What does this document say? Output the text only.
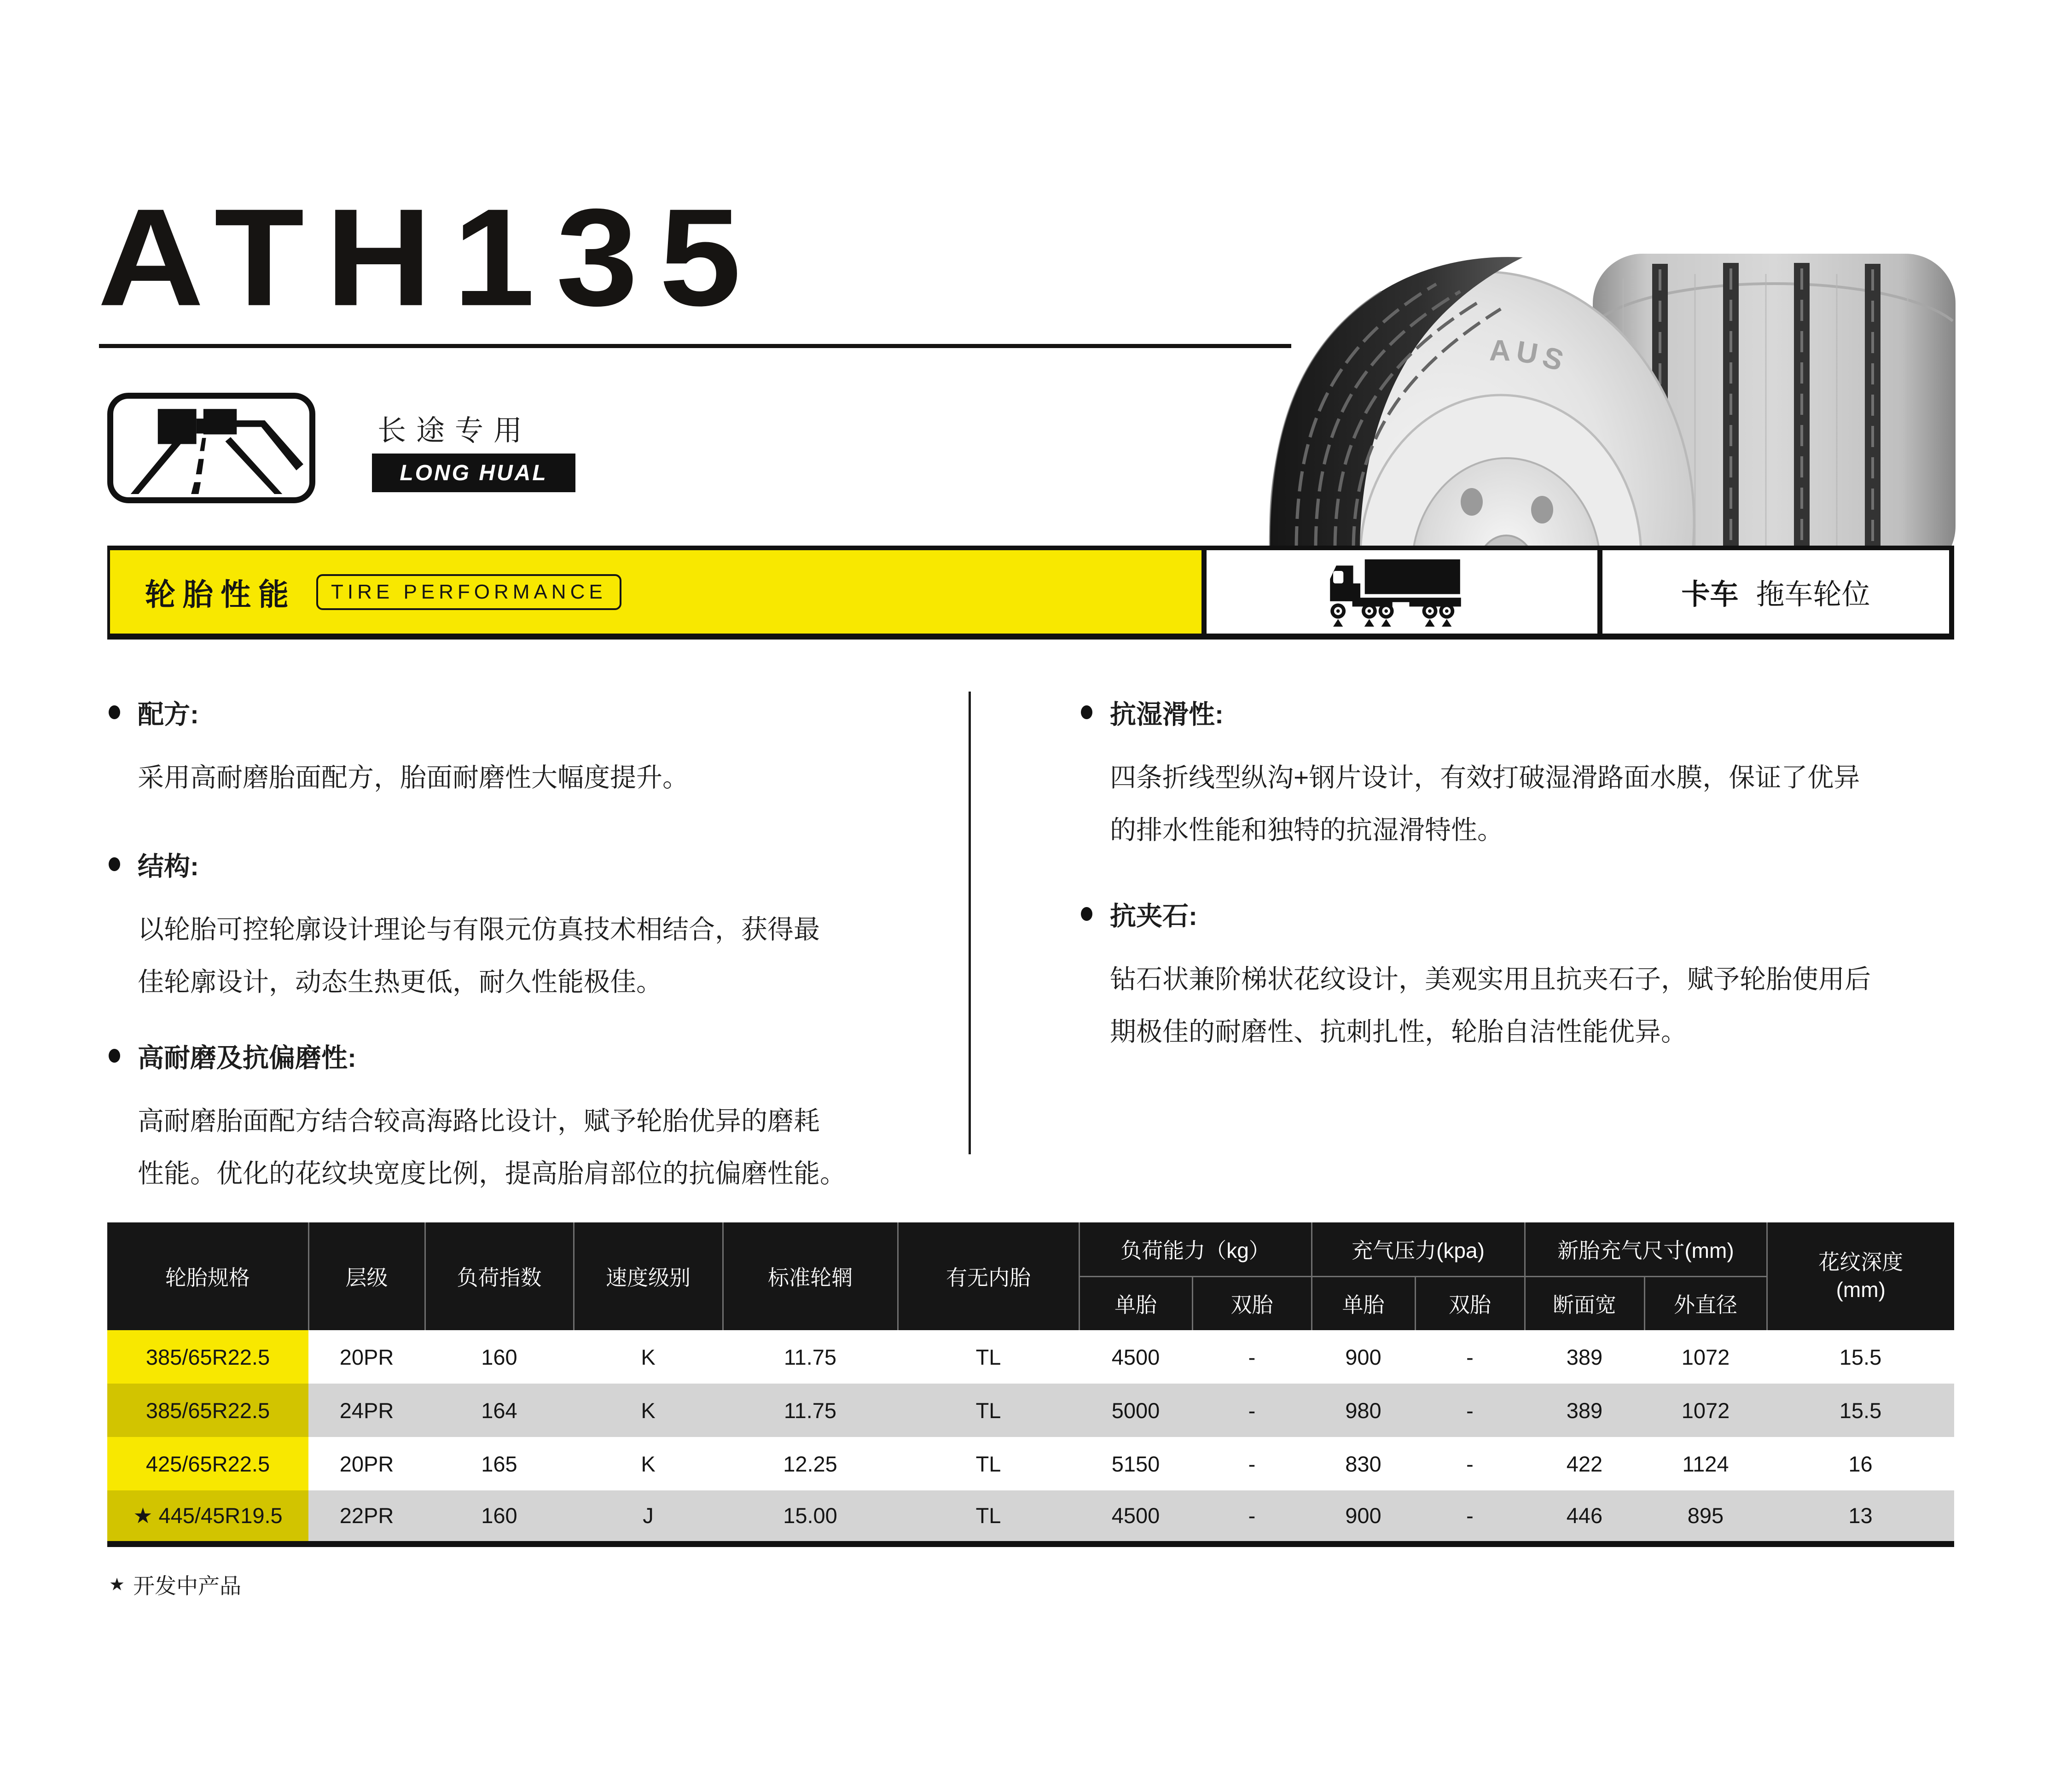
ATH135
长途专用
LONG HUAL
AUS
轮胎性能	TIRE PERFORMANCE	卡车 拖车轮位
配方:
采用高耐磨胎面配方，胎面耐磨性大幅度提升。
结构:
以轮胎可控轮廓设计理论与有限元仿真技术相结合，获得最
佳轮廓设计，动态生热更低，耐久性能极佳。
高耐磨及抗偏磨性:
高耐磨胎面配方结合较高海路比设计，赋予轮胎优异的磨耗
性能。优化的花纹块宽度比例，提高胎肩部位的抗偏磨性能。
抗湿滑性:
四条折线型纵沟+钢片设计，有效打破湿滑路面水膜，保证了优异
的排水性能和独特的抗湿滑特性。
抗夹石:
钻石状兼阶梯状花纹设计，美观实用且抗夹石子，赋予轮胎使用后
期极佳的耐磨性、抗刺扎性，轮胎自洁性能优异。
轮胎规格	层级	负荷指数	速度级别	标准轮辋	有无内胎	负荷能力（kg）		充气压力(kpa)		新胎充气尺寸(mm)		花纹深度
(mm)

						单胎	双胎	单胎	双胎	断面宽	外直径	
385/65R22.5	20PR	160	K	11.75	TL	4500	-	900	-	389	1072	15.5
385/65R22.5	24PR	164	K	11.75	TL	5000	-	980	-	389	1072	15.5
425/65R22.5	20PR	165	K	12.25	TL	5150	-	830	-	422	1124	16
★ 445/45R19.5	22PR	160	J	15.00	TL	4500	-	900	-	446	895	13
★ 开发中产品
